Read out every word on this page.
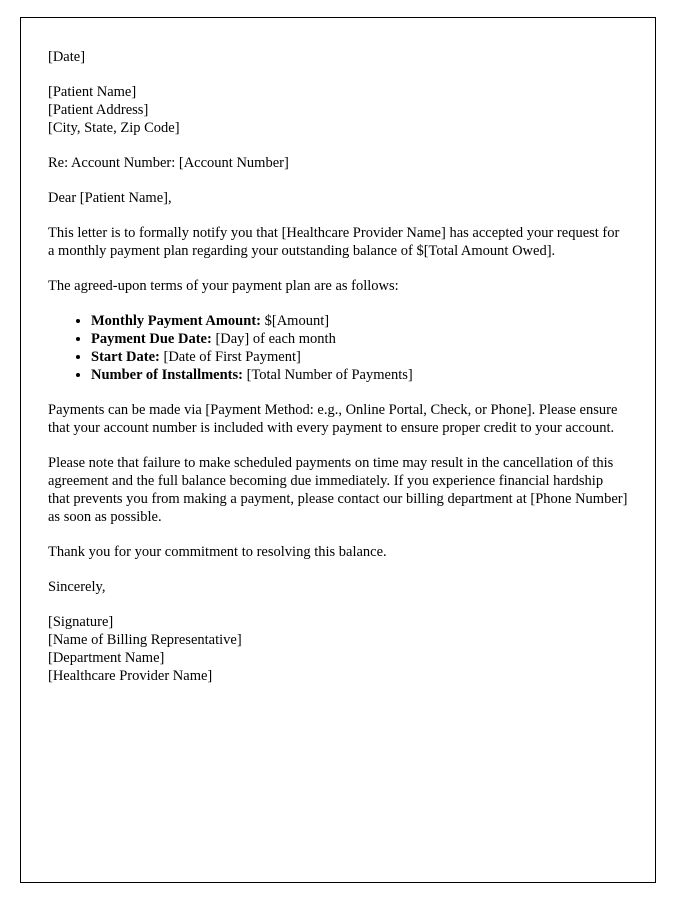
[Date]

[Patient Name]
[Patient Address]
[City, State, Zip Code]

Re: Account Number: [Account Number]

Dear [Patient Name],

This letter is to formally notify you that [Healthcare Provider Name] has accepted your request for a monthly payment plan regarding your outstanding balance of $[Total Amount Owed].

The agreed-upon terms of your payment plan are as follows:

• Monthly Payment Amount: $[Amount]
• Payment Due Date: [Day] of each month
• Start Date: [Date of First Payment]
• Number of Installments: [Total Number of Payments]

Payments can be made via [Payment Method: e.g., Online Portal, Check, or Phone]. Please ensure that your account number is included with every payment to ensure proper credit to your account.

Please note that failure to make scheduled payments on time may result in the cancellation of this agreement and the full balance becoming due immediately. If you experience financial hardship that prevents you from making a payment, please contact our billing department at [Phone Number] as soon as possible.

Thank you for your commitment to resolving this balance.

Sincerely,

[Signature]
[Name of Billing Representative]
[Department Name]
[Healthcare Provider Name]
